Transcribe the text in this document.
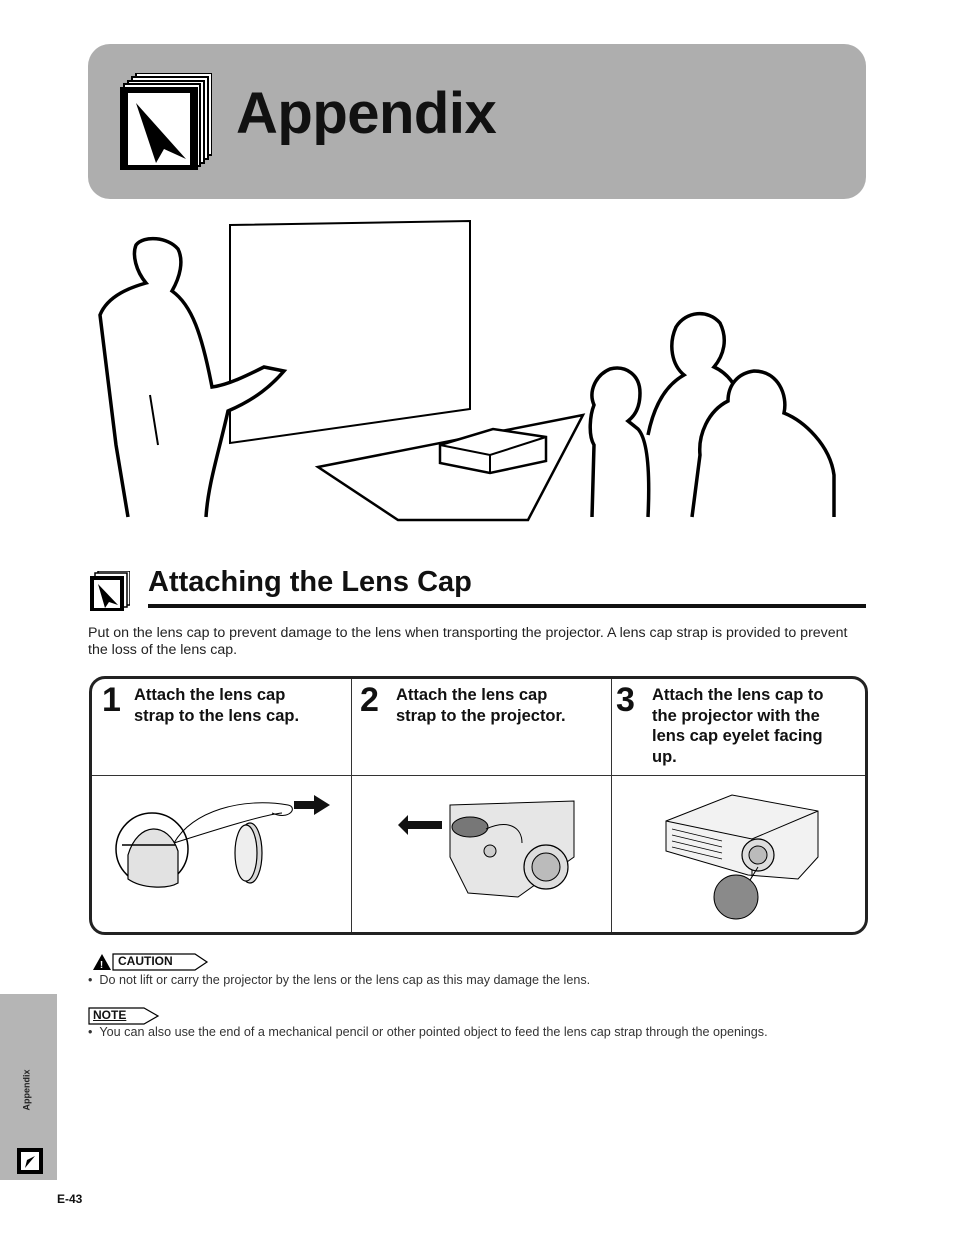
Appendix
Attaching the Lens Cap
Put on the lens cap to prevent damage to the lens when transporting the projector. A lens cap strap is provided to prevent the loss of the lens cap.
1 Attach the lens cap
strap to the lens cap. 2 Attach the lens cap
strap to the projector. 3 Attach the lens cap to
the projector with the
lens cap eyelet facing
up.
! CAUTION
•  Do not lift or carry the projector by the lens or the lens cap as this may damage the lens.
NOTE
•  You can also use the end of a mechanical pencil or other pointed object to feed the lens cap strap through the openings.
Appendix
E-43
